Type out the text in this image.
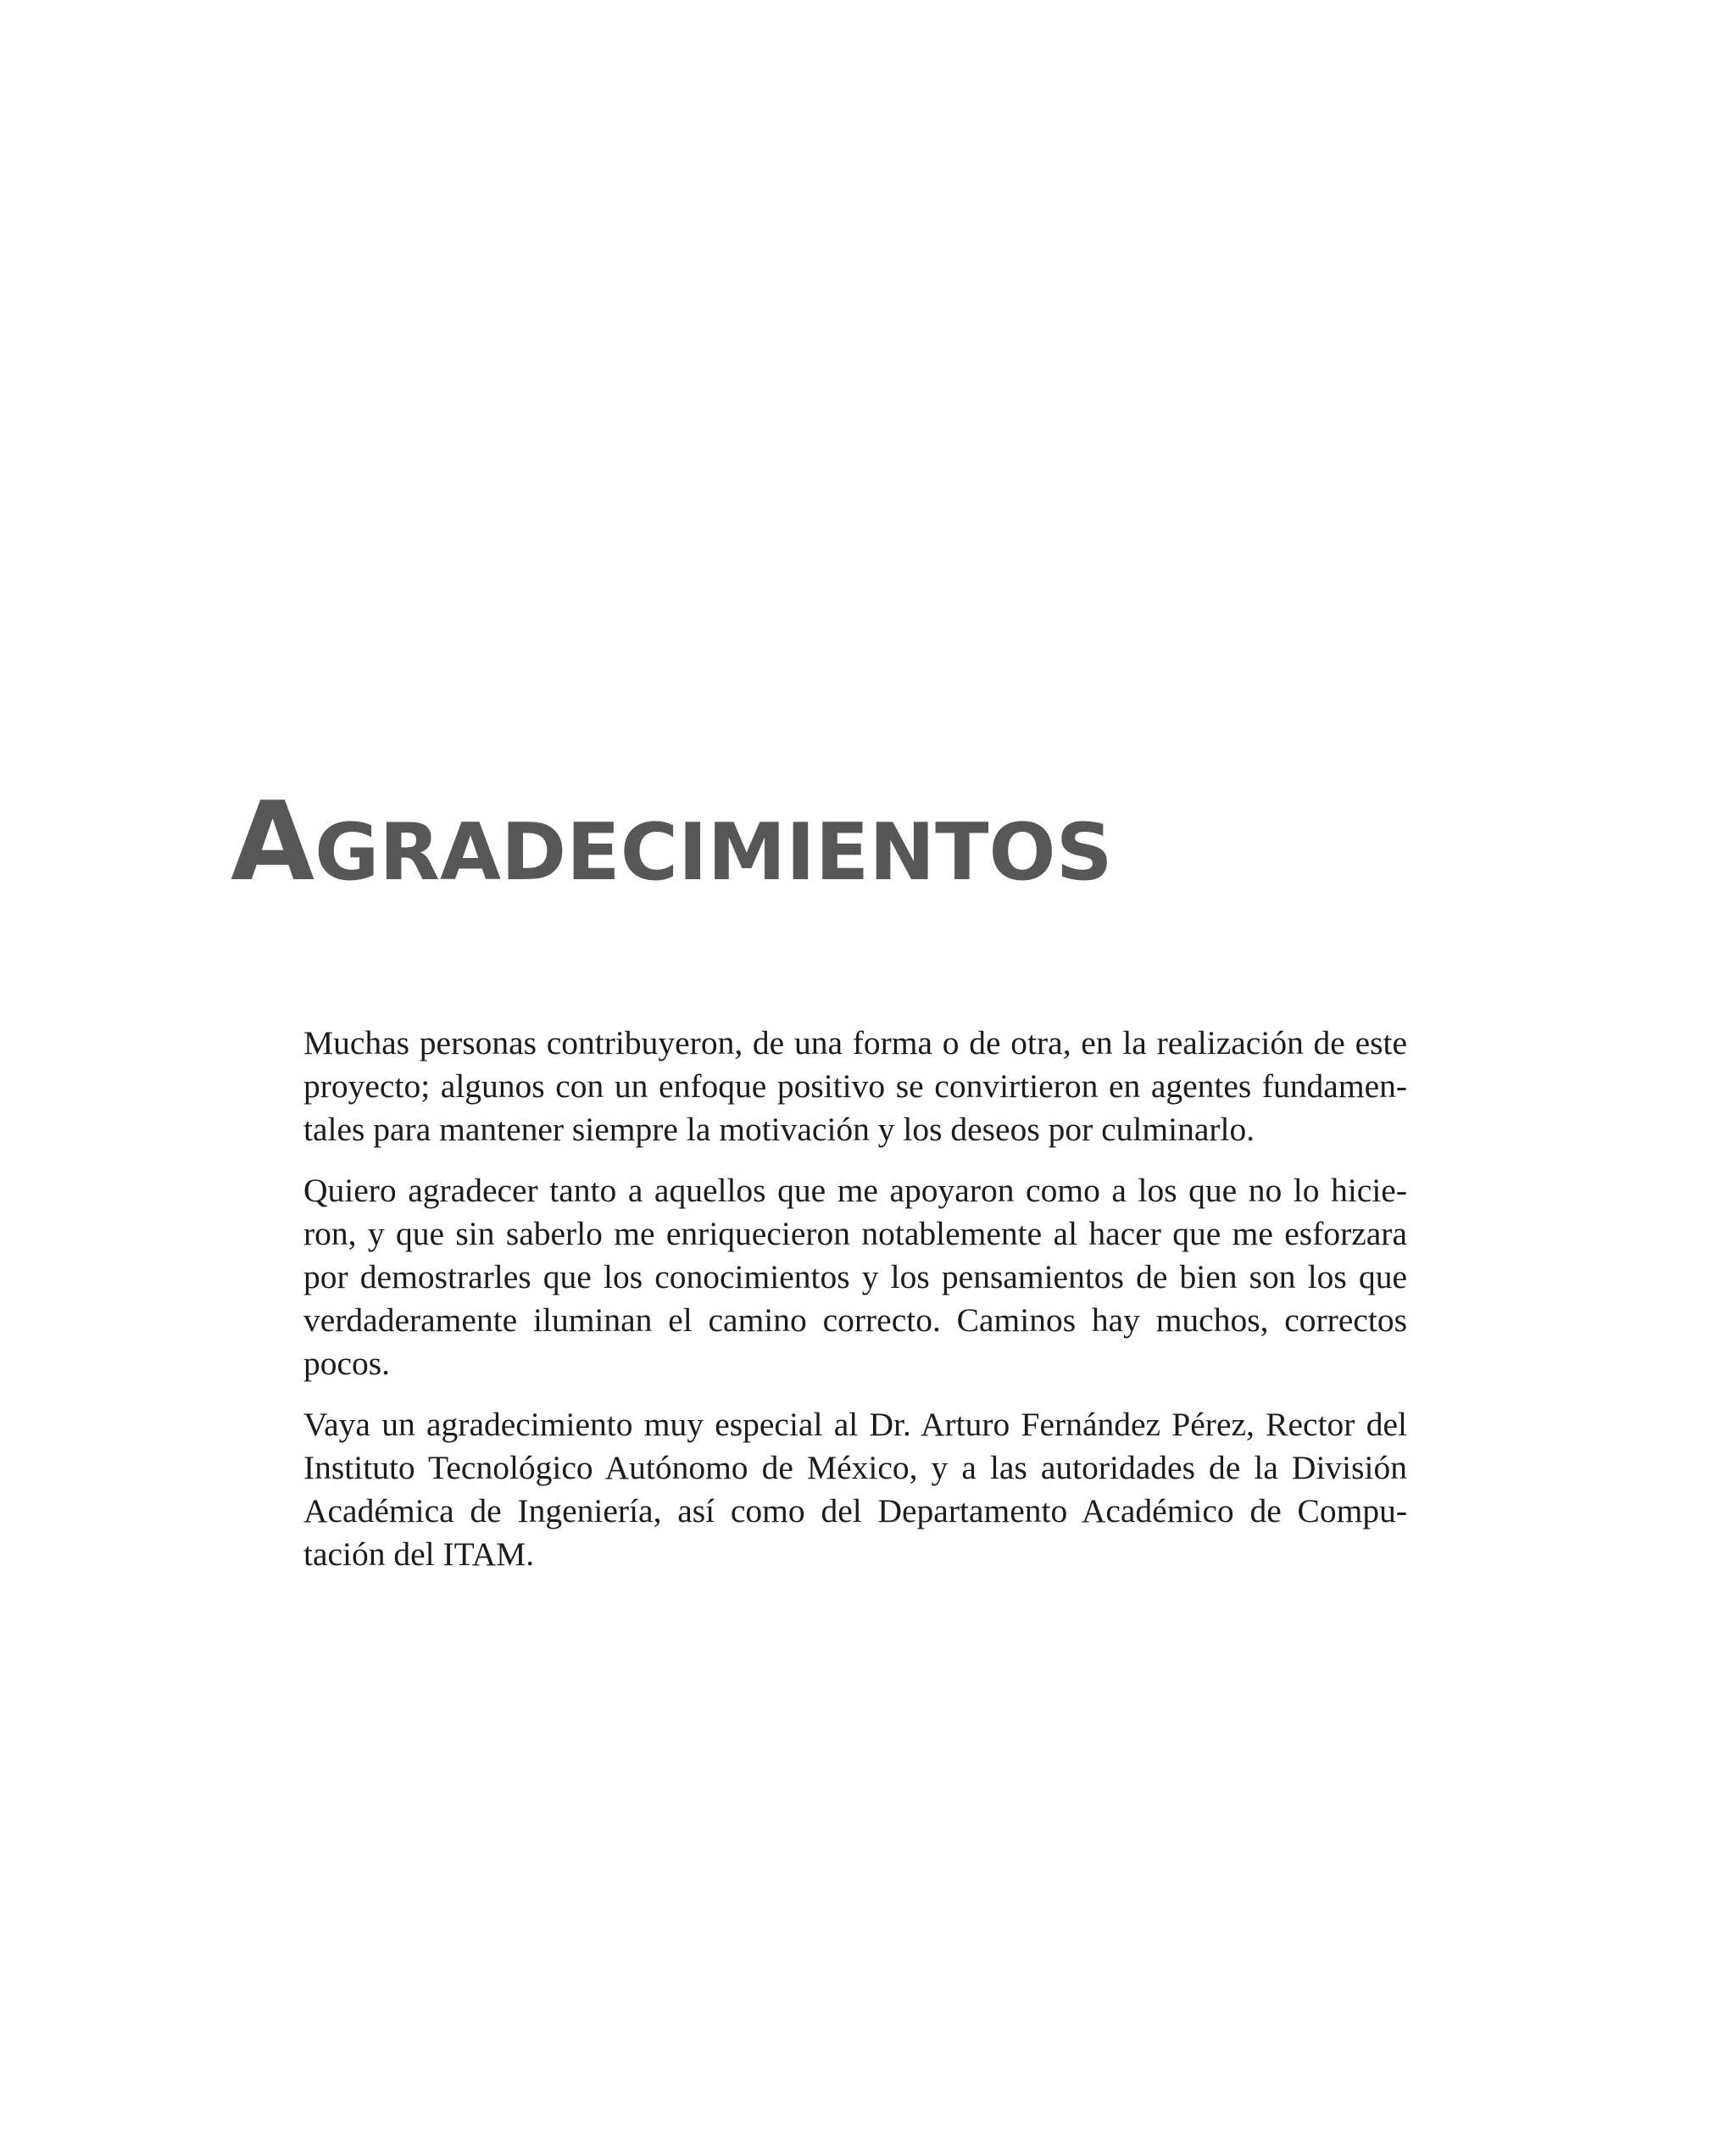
AGRADECIMIENTOS

Muchas personas contribuyeron, de una forma o de otra, en la realización de este
proyecto; algunos con un enfoque positivo se convirtieron en agentes fundamen-
tales para mantener siempre la motivación y los deseos por culminarlo.

Quiero agradecer tanto a aquellos que me apoyaron como a los que no lo hicie-
ron, y que sin saberlo me enriquecieron notablemente al hacer que me esforzara
por demostrarles que los conocimientos y los pensamientos de bien son los que
verdaderamente iluminan el camino correcto. Caminos hay muchos, correctos
pocos.

Vaya un agradecimiento muy especial al Dr. Arturo Fernández Pérez, Rector del
Instituto Tecnológico Autónomo de México, y a las autoridades de la División
Académica de Ingeniería, así como del Departamento Académico de Compu-
tación del ITAM.
